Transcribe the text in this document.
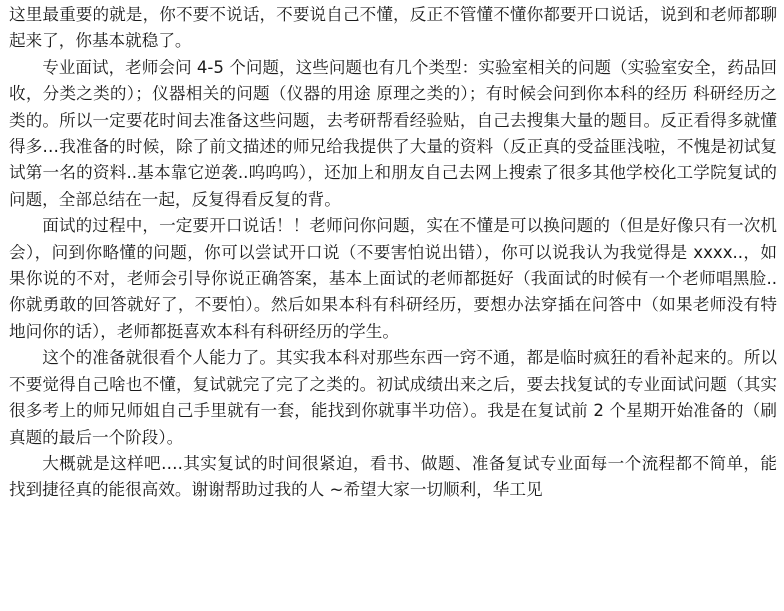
这里最重要的就是，你不要不说话，不要说自己不懂，反正不管懂不懂你都要开口说话，说到和老师都聊起来了，你基本就稳了。

专业面试，老师会问 4-5 个问题，这些问题也有几个类型：实验室相关的问题（实验室安全，药品回收，分类之类的）；仪器相关的问题（仪器的用途 原理之类的）；有时候会问到你本科的经历 科研经历之类的。所以一定要花时间去准备这些问题，去考研帮看经验贴，自己去搜集大量的题目。反正看得多就懂得多…我准备的时候，除了前文描述的师兄给我提供了大量的资料（反正真的受益匪浅啦，不愧是初试复试第一名的资料..基本靠它逆袭..呜呜呜），还加上和朋友自己去网上搜索了很多其他学校化工学院复试的问题，全部总结在一起，反复得看反复的背。

面试的过程中，一定要开口说话！！老师问你问题，实在不懂是可以换问题的（但是好像只有一次机会），问到你略懂的问题，你可以尝试开口说（不要害怕说出错），你可以说我认为我觉得是 xxxx..，如果你说的不对，老师会引导你说正确答案，基本上面试的老师都挺好（我面试的时候有一个老师唱黑脸..你就勇敢的回答就好了，不要怕）。然后如果本科有科研经历，要想办法穿插在问答中（如果老师没有特地问你的话），老师都挺喜欢本科有科研经历的学生。

这个的准备就很看个人能力了。其实我本科对那些东西一窍不通，都是临时疯狂的看补起来的。所以不要觉得自己啥也不懂，复试就完了完了之类的。初试成绩出来之后，要去找复试的专业面试问题（其实很多考上的师兄师姐自己手里就有一套，能找到你就事半功倍）。我是在复试前 2 个星期开始准备的（刷真题的最后一个阶段）。

大概就是这样吧….其实复试的时间很紧迫，看书、做题、准备复试专业面每一个流程都不简单，能找到捷径真的能很高效。谢谢帮助过我的人 ~希望大家一切顺利，华工见
